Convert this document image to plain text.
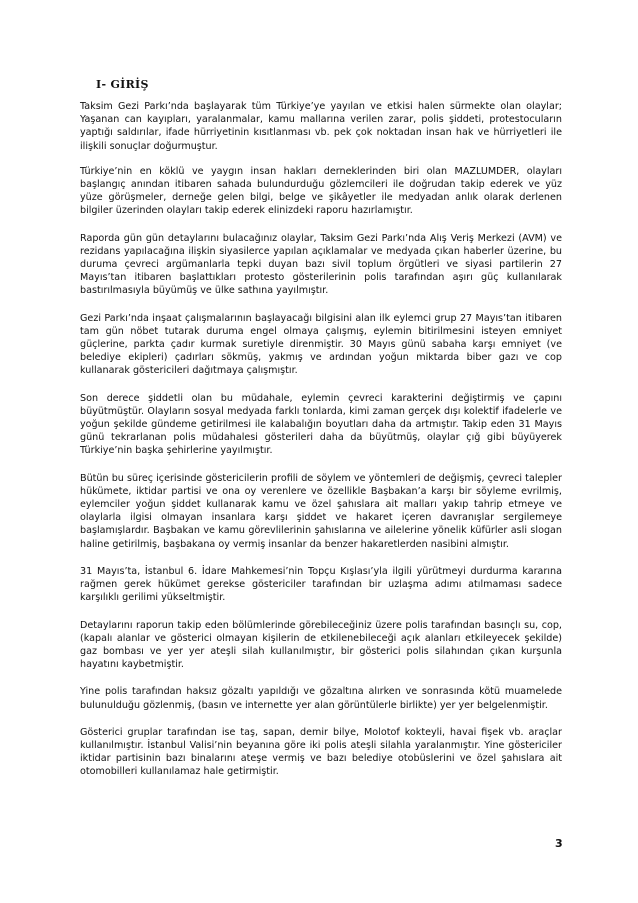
I- GİRİŞ

Taksim Gezi Parkı’nda başlayarak tüm Türkiye’ye yayılan ve etkisi halen sürmekte olan olaylar; Yaşanan can kayıpları, yaralanmalar, kamu mallarına verilen zarar, polis şiddeti, protestocuların yaptığı saldırılar, ifade hürriyetinin kısıtlanması vb. pek çok noktadan insan hak ve hürriyetleri ile ilişkili sonuçlar doğurmuştur.

Türkiye’nin en köklü ve yaygın insan hakları derneklerinden biri olan MAZLUMDER, olayları başlangıç anından itibaren sahada bulundurduğu gözlemcileri ile doğrudan takip ederek ve yüz yüze görüşmeler, derneğe gelen bilgi, belge ve şikâyetler ile medyadan anlık olarak derlenen bilgiler üzerinden olayları takip ederek elinizdeki raporu hazırlamıştır.

Raporda gün gün detaylarını bulacağınız olaylar, Taksim Gezi Parkı’nda Alış Veriş Merkezi (AVM) ve rezidans yapılacağına ilişkin siyasilerce yapılan açıklamalar ve medyada çıkan haberler üzerine, bu duruma çevreci argümanlarla tepki duyan bazı sivil toplum örgütleri ve siyasi partilerin 27 Mayıs’tan itibaren başlattıkları protesto gösterilerinin polis tarafından aşırı güç kullanılarak bastırılmasıyla büyümüş ve ülke sathına yayılmıştır.

Gezi Parkı’nda inşaat çalışmalarının başlayacağı bilgisini alan ilk eylemci grup 27 Mayıs’tan itibaren tam gün nöbet tutarak duruma engel olmaya çalışmış, eylemin bitirilmesini isteyen emniyet güçlerine, parkta çadır kurmak suretiyle direnmiştir. 30 Mayıs günü sabaha karşı emniyet (ve belediye ekipleri) çadırları sökmüş, yakmış ve ardından yoğun miktarda biber gazı ve cop kullanarak göstericileri dağıtmaya çalışmıştır.

Son derece şiddetli olan bu müdahale, eylemin çevreci karakterini değiştirmiş ve çapını büyütmüştür. Olayların sosyal medyada farklı tonlarda, kimi zaman gerçek dışı kolektif ifadelerle ve yoğun şekilde gündeme getirilmesi ile kalabalığın boyutları daha da artmıştır. Takip eden 31 Mayıs günü tekrarlanan polis müdahalesi gösterileri daha da büyütmüş, olaylar çığ gibi büyüyerek Türkiye’nin başka şehirlerine yayılmıştır.

Bütün bu süreç içerisinde göstericilerin profili de söylem ve yöntemleri de değişmiş, çevreci talepler hükümete, iktidar partisi ve ona oy verenlere ve özellikle Başbakan’a karşı bir söyleme evrilmiş, eylemciler yoğun şiddet kullanarak kamu ve özel şahıslara ait malları yakıp tahrip etmeye ve olaylarla ilgisi olmayan insanlara karşı şiddet ve hakaret içeren davranışlar sergilemeye başlamışlardır. Başbakan ve kamu görevlilerinin şahıslarına ve ailelerine yönelik küfürler asli slogan haline getirilmiş, başbakana oy vermiş insanlar da benzer hakaretlerden nasibini almıştır.

31 Mayıs’ta, İstanbul 6. İdare Mahkemesi’nin Topçu Kışlası’yla ilgili yürütmeyi durdurma kararına rağmen gerek hükümet gerekse göstericiler tarafından bir uzlaşma adımı atılmaması sadece karşılıklı gerilimi yükseltmiştir.

Detaylarını raporun takip eden bölümlerinde görebileceğiniz üzere polis tarafından basınçlı su, cop, (kapalı alanlar ve gösterici olmayan kişilerin de etkilenebileceği açık alanları etkileyecek şekilde) gaz bombası ve yer yer ateşli silah kullanılmıştır, bir gösterici polis silahından çıkan kurşunla hayatını kaybetmiştir.

Yine polis tarafından haksız gözaltı yapıldığı ve gözaltına alırken ve sonrasında kötü muamelede bulunulduğu gözlenmiş, (basın ve internette yer alan görüntülerle birlikte) yer yer belgelenmiştir.

Gösterici gruplar tarafından ise taş, sapan, demir bilye, Molotof kokteyli, havai fişek vb. araçlar kullanılmıştır. İstanbul Valisi’nin beyanına göre iki polis ateşli silahla yaralanmıştır. Yine göstericiler iktidar partisinin bazı binalarını ateşe vermiş ve bazı belediye otobüslerini ve özel şahıslara ait otomobilleri kullanılamaz hale getirmiştir.

3
